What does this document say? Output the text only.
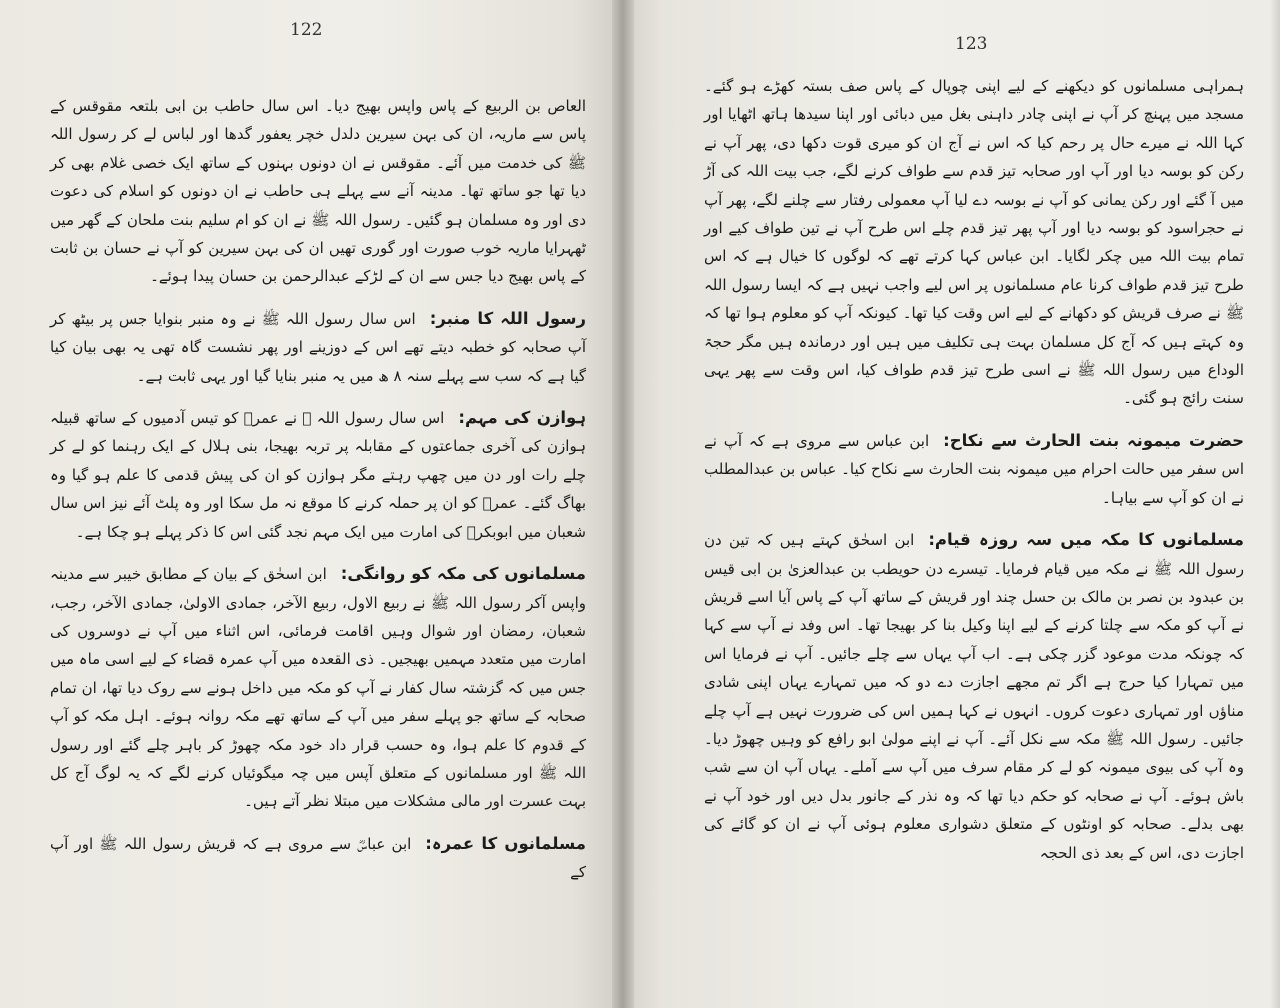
122

العاص بن الربیع کے پاس واپس بھیج دیا۔ اس سال حاطب بن ابی بلتعہ مقوقس کے پاس سے ماریہ، ان کی بہن سیرین دلدل خچر یعفور گدھا اور لباس لے کر رسول اللہ ﷺ کی خدمت میں آئے۔ مقوقس نے ان دونوں بہنوں کے ساتھ ایک خصی غلام بھی کر دیا تھا جو ساتھ تھا۔ مدینہ آنے سے پہلے ہی حاطب نے ان دونوں کو اسلام کی دعوت دی اور وہ مسلمان ہو گئیں۔ رسول اللہ ﷺ نے ان کو ام سلیم بنت ملحان کے گھر میں ٹھہرایا ماریہ خوب صورت اور گوری تھیں ان کی بہن سیرین کو آپ نے حسان بن ثابت کے پاس بھیج دیا جس سے ان کے لڑکے عبدالرحمن بن حسان پیدا ہوئے۔

رسول اللہ کا منبر:اس سال رسول اللہ ﷺ نے وہ منبر بنوایا جس پر بیٹھ کر آپ صحابہ کو خطبہ دیتے تھے اس کے دوزینے اور پھر نشست گاہ تھی یہ بھی بیان کیا گیا ہے کہ سب سے پہلے سنہ ۸ ھ میں یہ منبر بنایا گیا اور یہی ثابت ہے۔

ہوازن کی مہم:اس سال رسول اللہ ﷺ نے عمرؓ کو تیس آدمیوں کے ساتھ قبیلہ ہوازن کی آخری جماعتوں کے مقابلہ پر تربہ بھیجا، بنی ہلال کے ایک رہنما کو لے کر چلے رات اور دن میں چھپ رہتے مگر ہوازن کو ان کی پیش قدمی کا علم ہو گیا وہ بھاگ گئے۔ عمرؓ کو ان پر حملہ کرنے کا موقع نہ مل سکا اور وہ پلٹ آئے نیز اس سال شعبان میں ابوبکرؓ کی امارت میں ایک مہم نجد گئی اس کا ذکر پہلے ہو چکا ہے۔

مسلمانوں کی مکہ کو روانگی:ابن اسحٰق کے بیان کے مطابق خیبر سے مدینہ واپس آکر رسول اللہ ﷺ نے ربیع الاول، ربیع الآخر، جمادی الاولیٰ، جمادی الآخر، رجب، شعبان، رمضان اور شوال وہیں اقامت فرمائی، اس اثناء میں آپ نے دوسروں کی امارت میں متعدد مہمیں بھیجیں۔ ذی القعدہ میں آپ عمرہ قضاء کے لیے اسی ماہ میں جس میں کہ گزشتہ سال کفار نے آپ کو مکہ میں داخل ہونے سے روک دیا تھا، ان تمام صحابہ کے ساتھ جو پہلے سفر میں آپ کے ساتھ تھے مکہ روانہ ہوئے۔ اہل مکہ کو آپ کے قدوم کا علم ہوا، وہ حسب قرار داد خود مکہ چھوڑ کر باہر چلے گئے اور رسول اللہ ﷺ اور مسلمانوں کے متعلق آپس میں چہ میگوئیاں کرنے لگے کہ یہ لوگ آج کل بہت عسرت اور مالی مشکلات میں مبتلا نظر آتے ہیں۔

مسلمانوں کا عمرہ:ابن عباسؓ سے مروی ہے کہ قریش رسول اللہ ﷺ اور آپ کے

123

ہمراہی مسلمانوں کو دیکھنے کے لیے اپنی چوپال کے پاس صف بستہ کھڑے ہو گئے۔ مسجد میں پہنچ کر آپ نے اپنی چادر داہنی بغل میں دبائی اور اپنا سیدھا ہاتھ اٹھایا اور کہا اللہ نے میرے حال پر رحم کیا کہ اس نے آج ان کو میری قوت دکھا دی، پھر آپ نے رکن کو بوسہ دیا اور آپ اور صحابہ تیز قدم سے طواف کرنے لگے، جب بیت اللہ کی آڑ میں آ گئے اور رکن یمانی کو آپ نے بوسہ دے لیا آپ معمولی رفتار سے چلنے لگے، پھر آپ نے حجراسود کو بوسہ دیا اور آپ پھر تیز قدم چلے اس طرح آپ نے تین طواف کیے اور تمام بیت اللہ میں چکر لگایا۔ ابن عباس کہا کرتے تھے کہ لوگوں کا خیال ہے کہ اس طرح تیز قدم طواف کرنا عام مسلمانوں پر اس لیے واجب نہیں ہے کہ ایسا رسول اللہ ﷺ نے صرف قریش کو دکھانے کے لیے اس وقت کیا تھا۔ کیونکہ آپ کو معلوم ہوا تھا کہ وہ کہتے ہیں کہ آج کل مسلمان بہت ہی تکلیف میں ہیں اور درماندہ ہیں مگر حجۃ الوداع میں رسول اللہ ﷺ نے اسی طرح تیز قدم طواف کیا، اس وقت سے پھر یہی سنت رائج ہو گئی۔

حضرت میمونہ بنت الحارث سے نکاح:ابن عباس سے مروی ہے کہ آپ نے اس سفر میں حالت احرام میں میمونہ بنت الحارث سے نکاح کیا۔ عباس بن عبدالمطلب نے ان کو آپ سے بیاہا۔

مسلمانوں کا مکہ میں سہ روزہ قیام:ابن اسحٰق کہتے ہیں کہ تین دن رسول اللہ ﷺ نے مکہ میں قیام فرمایا۔ تیسرے دن حویطب بن عبدالعزیٰ بن ابی قیس بن عبدود بن نصر بن مالک بن حسل چند اور قریش کے ساتھ آپ کے پاس آیا اسے قریش نے آپ کو مکہ سے چلتا کرنے کے لیے اپنا وکیل بنا کر بھیجا تھا۔ اس وفد نے آپ سے کہا کہ چونکہ مدت موعود گزر چکی ہے۔ اب آپ یہاں سے چلے جائیں۔ آپ نے فرمایا اس میں تمہارا کیا حرج ہے اگر تم مجھے اجازت دے دو کہ میں تمہارے یہاں اپنی شادی مناؤں اور تمہاری دعوت کروں۔ انہوں نے کہا ہمیں اس کی ضرورت نہیں ہے آپ چلے جائیں۔ رسول اللہ ﷺ مکہ سے نکل آئے۔ آپ نے اپنے مولیٰ ابو رافع کو وہیں چھوڑ دیا۔ وہ آپ کی بیوی میمونہ کو لے کر مقام سرف میں آپ سے آملے۔ یہاں آپ ان سے شب باش ہوئے۔ آپ نے صحابہ کو حکم دیا تھا کہ وہ نذر کے جانور بدل دیں اور خود آپ نے بھی بدلے۔ صحابہ کو اونٹوں کے متعلق دشواری معلوم ہوئی آپ نے ان کو گائے کی اجازت دی، اس کے بعد ذی الحجہ
